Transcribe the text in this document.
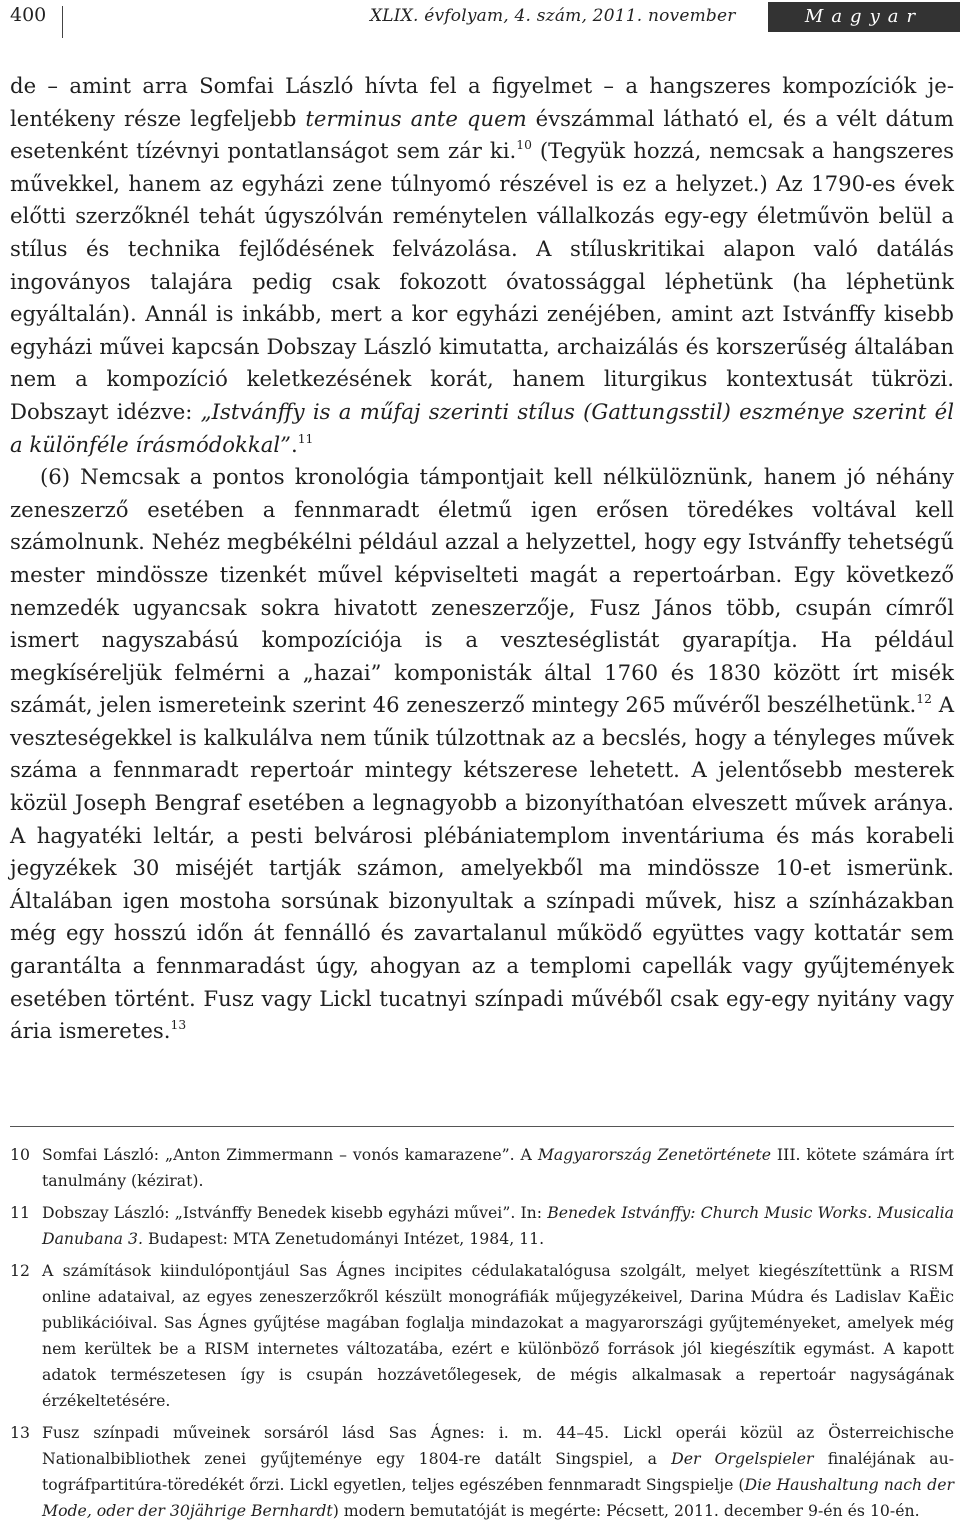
400	XLIX. évfolyam, 4. szám, 2011. november	Magyar Zene

de – amint arra Somfai László hívta fel a figyelmet – a hangszeres kompozíciók jelentékeny része legfeljebb terminus ante quem évszámmal látható el, és a vélt dátum esetenként tízévnyi pontatlanságot sem zár ki.$^{10}$ (Tegyük hozzá, nemcsak a hangszeres művekkel, hanem az egyházi zene túlnyomó részével is ez a helyzet.) Az 1790-es évek előtti szerzőknél tehát úgyszólván reménytelen vállalkozás egy-egy életművön belül a stílus és technika fejlődésének felvázolása. A stíluskritikai alapon való datálás ingoványos talajára pedig csak fokozott óvatossággal léphetünk (ha léphetünk egyáltalán). Annál is inkább, mert a kor egyházi zenéjében, amint azt Istvánffy kisebb egyházi művei kapcsán Dobszay László kimutatta, archaizálás és korszerűség általában nem a kompozíció keletkezésének korát, hanem liturgikus kontextusát tükrözi. Dobszayt idézve: „Istvánffy is a műfaj szerinti stílus (Gattungsstil) eszménye szerint él a különféle írásmódokkal”.$^{11}$

(6) Nemcsak a pontos kronológia támpontjait kell nélkülöznünk, hanem jó néhány zeneszerző esetében a fennmaradt életmű igen erősen töredékes voltával kell számolnunk. Nehéz megbékélni például azzal a helyzettel, hogy egy Istvánffy tehetségű mester mindössze tizenkét művel képviselteti magát a repertoárban. Egy következő nemzedék ugyancsak sokra hivatott zeneszerzője, Fusz János több, csupán címről ismert nagyszabású kompozíciója is a veszteséglistát gyarapítja. Ha például megkíséreljük felmérni a „hazai” komponisták által 1760 és 1830 között írt misék számát, jelen ismereteink szerint 46 zeneszerző mintegy 265 művéről beszélhetünk.$^{12}$ A veszteségekkel is kalkulálva nem tűnik túlzottnak az a becslés, hogy a tényleges művek száma a fennmaradt repertoár mintegy kétszerese lehetett. A jelentősebb mesterek közül Joseph Bengraf esetében a legnagyobb a bizonyíthatóan elveszett művek aránya. A hagyatéki leltár, a pesti belvárosi plébániatemplom inventáriuma és más korabeli jegyzékek 30 miséjét tartják számon, amelyekből ma mindössze 10-et ismerünk. Általában igen mostoha sorsúnak bizonyultak a színpadi művek, hisz a színházakban még egy hosszú időn át fennálló és zavartalanul működő együttes vagy kottatár sem garantálta a fennmaradást úgy, ahogyan az a templomi capellák vagy gyűjtemények esetében történt. Fusz vagy Lickl tucatnyi színpadi művéből csak egy-egy nyitány vagy ária ismeretes.$^{13}$

10 Somfai László: „Anton Zimmermann – vonós kamarazene”. A Magyarország Zenetörténete III. kötete számára írt tanulmány (kézirat).
11 Dobszay László: „Istvánffy Benedek kisebb egyházi művei”. In: Benedek Istvánffy: Church Music Works. Musicalia Danubana 3. Budapest: MTA Zenetudományi Intézet, 1984, 11.
12 A számítások kiindulópontjául Sas Ágnes incipites cédulakatalógusa szolgált, melyet kiegészítettünk a RISM online adataival, az egyes zeneszerzőkről készült monográfiák műjegyzékeivel, Darina Múdra és Ladislav KaËic publikációival. Sas Ágnes gyűjtése magában foglalja mindazokat a magyarországi gyűjteményeket, amelyek még nem kerültek be a RISM internetes változatába, ezért e különböző források jól kiegészítik egymást. A kapott adatok természetesen így is csupán hozzávetőlegesek, de mégis alkalmasak a repertoár nagyságának érzékeltetésére.
13 Fusz színpadi műveinek sorsáról lásd Sas Ágnes: i. m. 44–45. Lickl operái közül az Österreichische Nationalbibliothek zenei gyűjteménye egy 1804-re datált Singspiel, a Der Orgelspieler finaléjának autográfpartitúra-töredékét őrzi. Lickl egyetlen, teljes egészében fennmaradt Singspielje (Die Haushaltung nach der Mode, oder der 30jährige Bernhardt) modern bemutatóját is megérte: Pécsett, 2011. december 9-én és 10-én.
